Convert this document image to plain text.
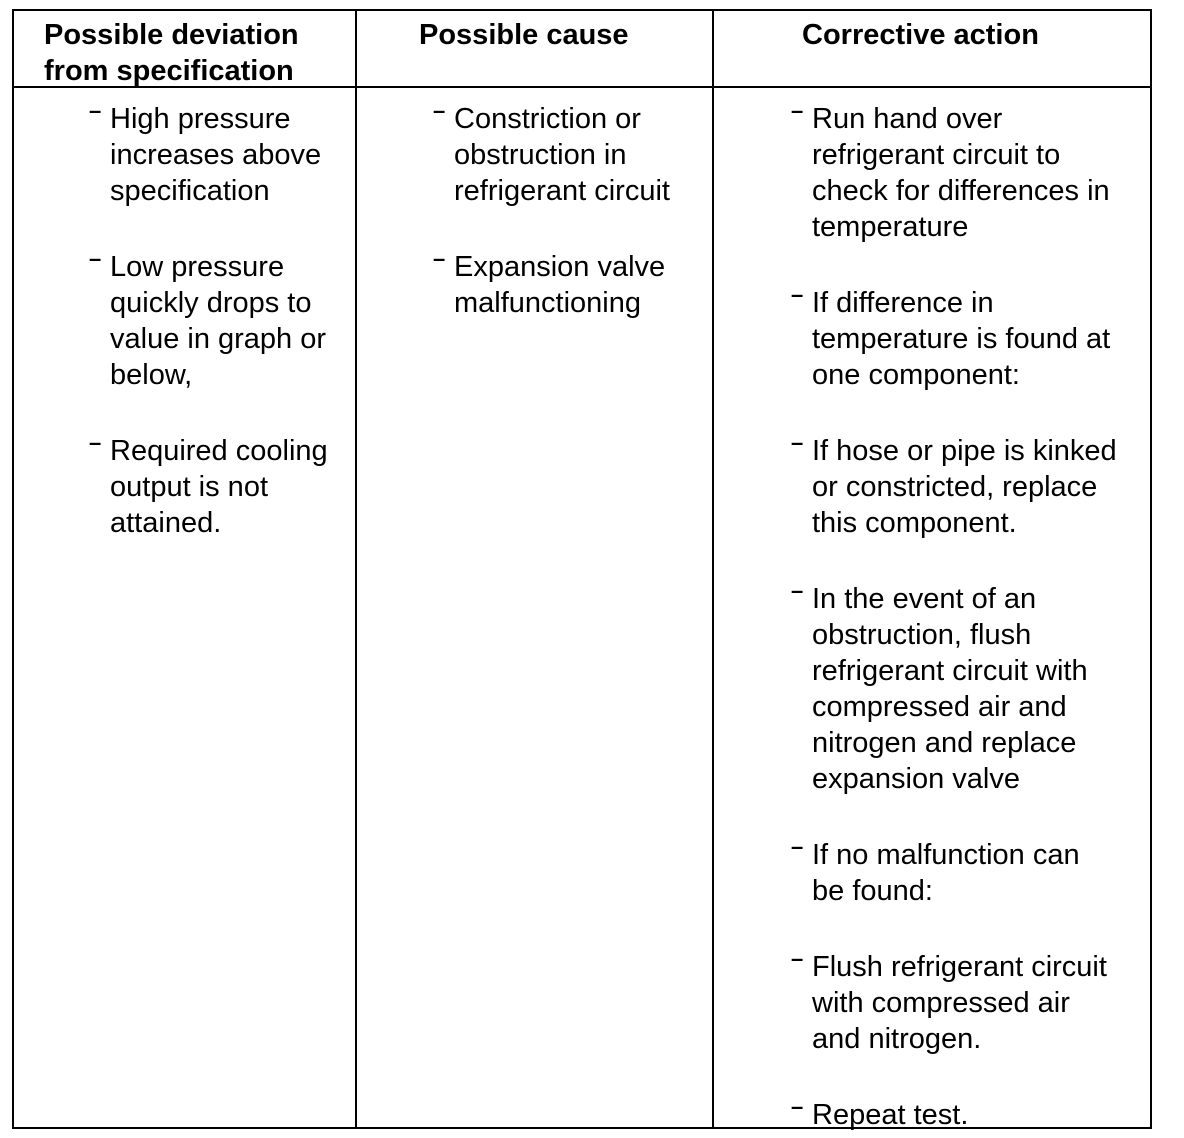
Possible deviation
from specification
Possible cause	Corrective action
– High pressure
increases above
specification
– Low pressure
quickly drops to
value in graph or
below,
– Required cooling
output is not
attained.
– Constriction or
obstruction in
refrigerant circuit
– Expansion valve
malfunctioning
– Run hand over
refrigerant circuit to
check for differences in
temperature
– If difference in
temperature is found at
one component:
– If hose or pipe is kinked
or constricted, replace
this component.
– In the event of an
obstruction, flush
refrigerant circuit with
compressed air and
nitrogen and replace
expansion valve
– If no malfunction can
be found:
– Flush refrigerant circuit
with compressed air
and nitrogen.
– Repeat test.
